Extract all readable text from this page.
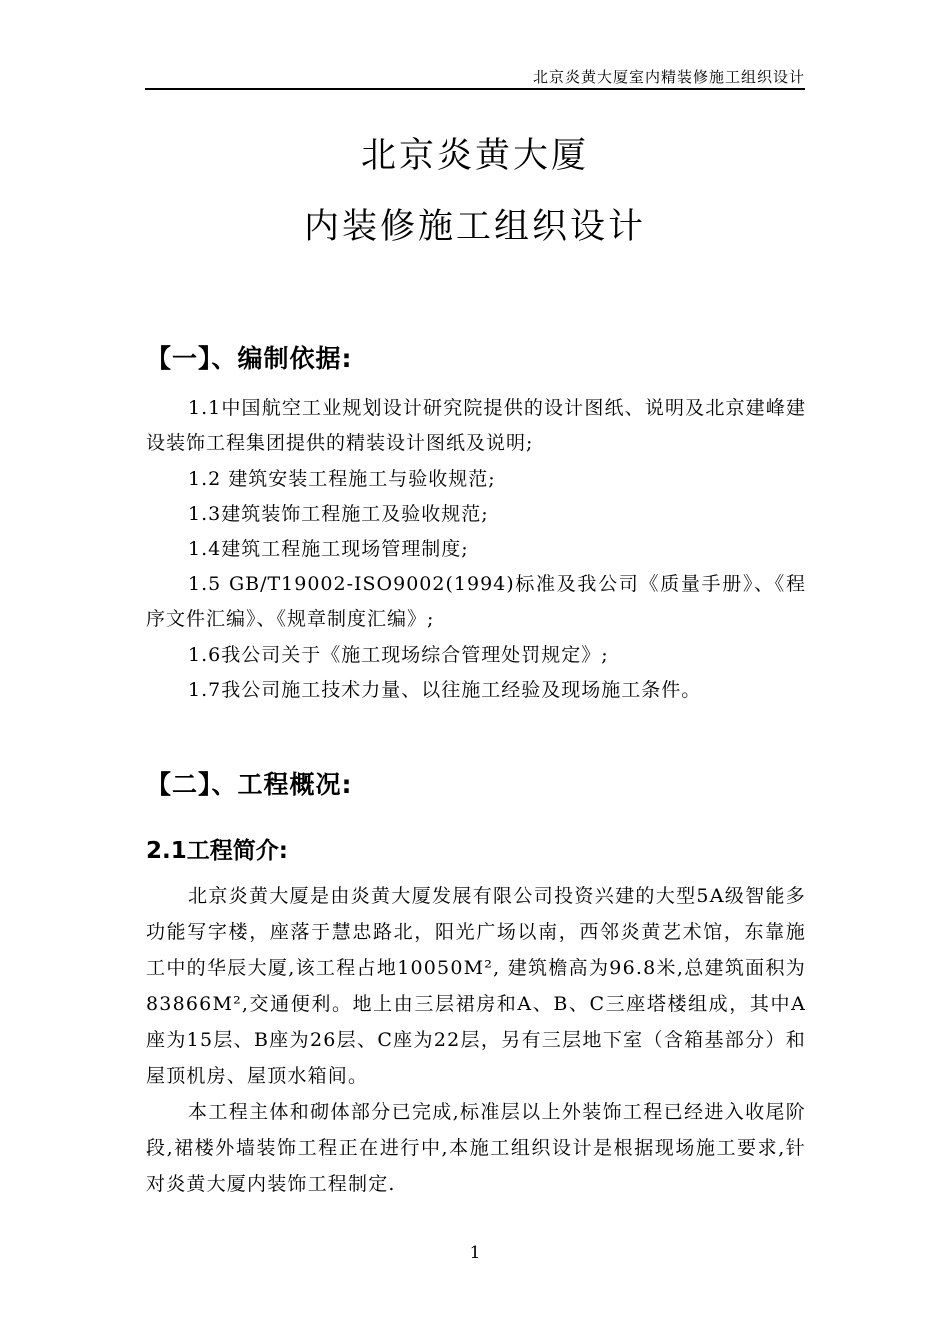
北京炎黄大厦室内精装修施工组织设计
北京炎黄大厦
内装修施工组织设计
【一】、编制依据:
1.1中国航空工业规划设计研究院提供的设计图纸、说明及北京建峰建设装饰工程集团提供的精装设计图纸及说明;
1.2 建筑安装工程施工与验收规范;
1.3建筑装饰工程施工及验收规范;
1.4建筑工程施工现场管理制度;
1.5 GB/T19002-ISO9002(1994)标准及我公司《质量手册》、《程序文件汇编》、《规章制度汇编》;
1.6我公司关于《施工现场综合管理处罚规定》;
1.7我公司施工技术力量、以往施工经验及现场施工条件。
【二】、工程概况:
2.1工程简介:
北京炎黄大厦是由炎黄大厦发展有限公司投资兴建的大型5A级智能多功能写字楼，座落于慧忠路北，阳光广场以南，西邻炎黄艺术馆，东靠施工中的华辰大厦,该工程占地10050M², 建筑檐高为96.8米,总建筑面积为83866M²,交通便利。地上由三层裙房和A、B、C三座塔楼组成，其中A座为15层、B座为26层、C座为22层，另有三层地下室（含箱基部分）和屋顶机房、屋顶水箱间。
本工程主体和砌体部分已完成,标准层以上外装饰工程已经进入收尾阶段,裙楼外墙装饰工程正在进行中,本施工组织设计是根据现场施工要求,针对炎黄大厦内装饰工程制定.
1
